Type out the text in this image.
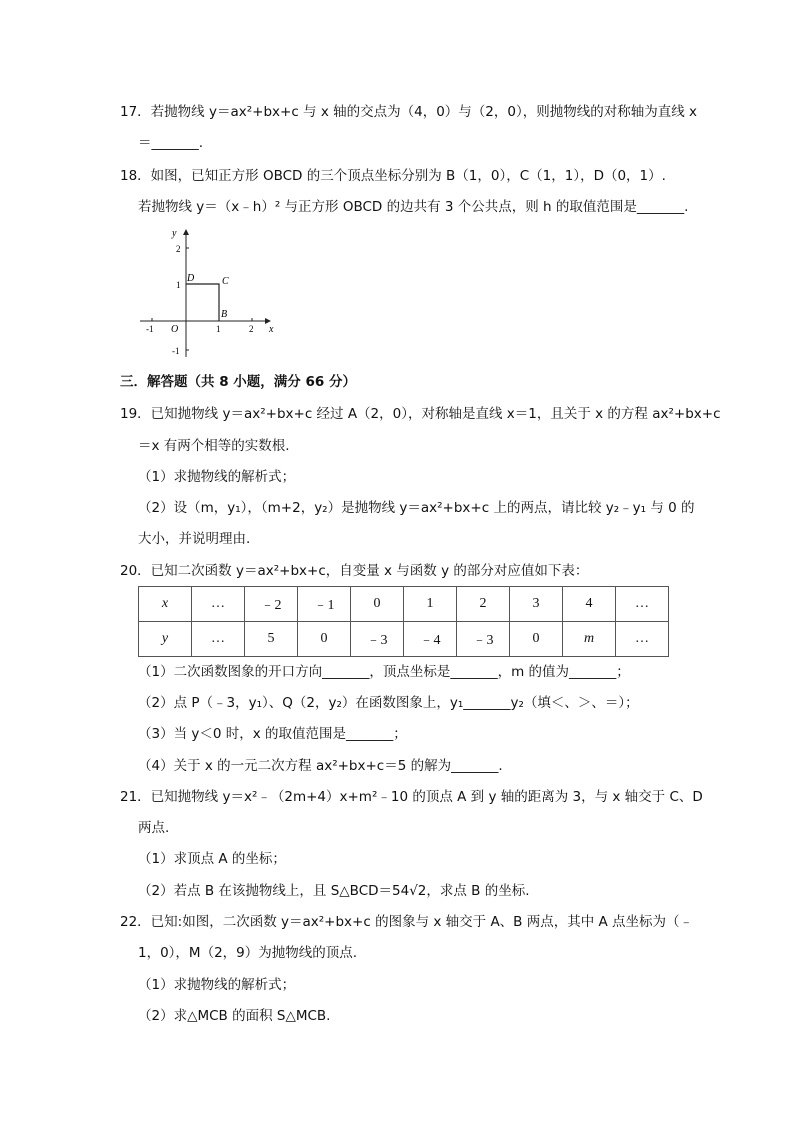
17．若抛物线 y＝ax²+bx+c 与 x 轴的交点为（4，0）与（2，0），则抛物线的对称轴为直线 x
＝_______.
18．如图，已知正方形 OBCD 的三个顶点坐标分别为 B（1，0），C（1，1），D（0，1）.
若抛物线 y＝（x﹣h）² 与正方形 OBCD 的边共有 3 个公共点，则 h 的取值范围是_______.
y
x
O
-1	1	2
2
1
-1
D	C
B
三．解答题（共 8 小题，满分 66 分）
19．已知抛物线 y＝ax²+bx+c 经过 A（2，0），对称轴是直线 x＝1，且关于 x 的方程 ax²+bx+c
＝x 有两个相等的实数根.
（1）求抛物线的解析式；
（2）设（m，y₁），（m+2，y₂）是抛物线 y＝ax²+bx+c 上的两点，请比较 y₂﹣y₁ 与 0 的
大小，并说明理由.
20．已知二次函数 y＝ax²+bx+c，自变量 x 与函数 y 的部分对应值如下表：
x	…	﹣2	﹣1	0	1	2	3	4	…
y	…	5	0	﹣3	﹣4	﹣3	0	m	…
（1）二次函数图象的开口方向_______，顶点坐标是_______，m 的值为_______；
（2）点 P（﹣3，y₁）、Q（2，y₂）在函数图象上，y₁_______y₂（填＜、＞、＝）；
（3）当 y＜0 时，x 的取值范围是_______；
（4）关于 x 的一元二次方程 ax²+bx+c＝5 的解为_______.
21．已知抛物线 y＝x²﹣（2m+4）x+m²﹣10 的顶点 A 到 y 轴的距离为 3，与 x 轴交于 C、D
两点.
（1）求顶点 A 的坐标；
（2）若点 B 在该抛物线上，且 S△BCD＝54√2，求点 B 的坐标.
22．已知:如图，二次函数 y＝ax²+bx+c 的图象与 x 轴交于 A、B 两点，其中 A 点坐标为（﹣
1，0），M（2，9）为抛物线的顶点.
（1）求抛物线的解析式；
（2）求△MCB 的面积 S△MCB.
